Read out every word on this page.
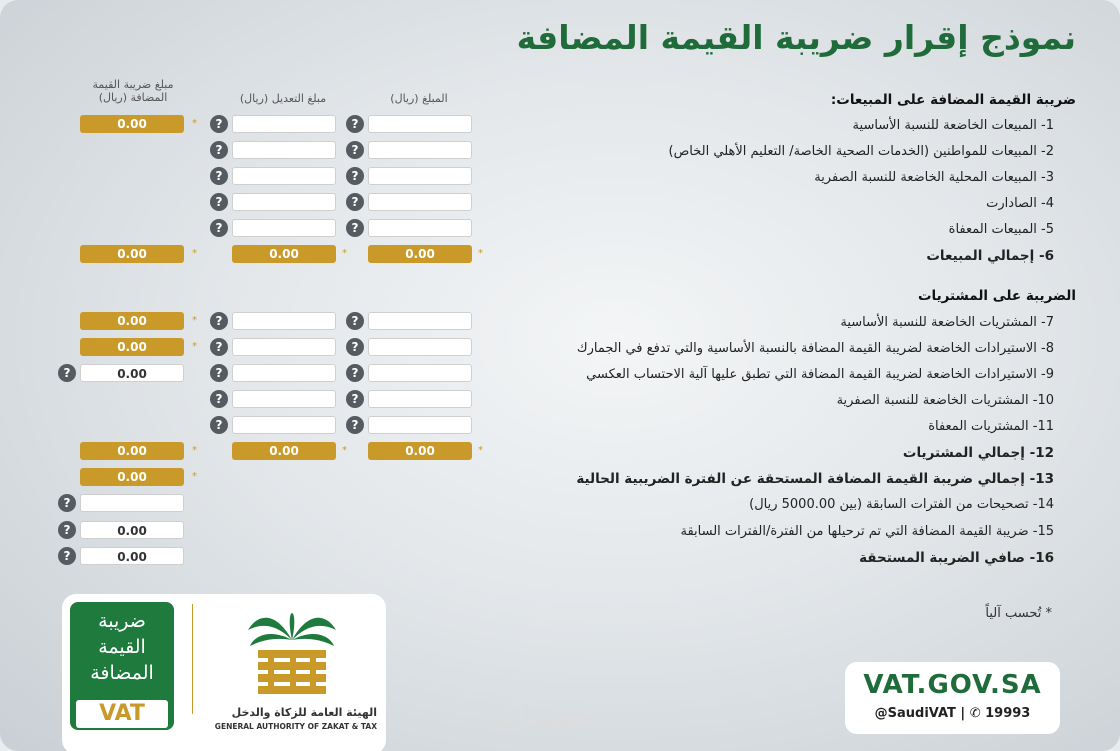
نموذج إقرار ضريبة القيمة المضافة
المبلغ (ريال)
مبلغ التعديل (ريال)
مبلغ ضريبة القيمة
المضافة (ريال)	ضريبة القيمة المضافة على المبيعات:
1- المبيعات الخاضعة للنسبة الأساسية
?
?
*
0.00
2- المبيعات للمواطنين (الخدمات الصحية الخاصة/ التعليم الأهلي الخاص)
?
?
3- المبيعات المحلية الخاضعة للنسبة الصفرية
?
?
4- الصادارت
?
?
5- المبيعات المعفاة
?
?
6- إجمالي المبيعات
*
0.00
*
0.00
*
0.00
الضريبة على المشتريات
7- المشتريات الخاضعة للنسبة الأساسية
?
?
*
0.00
8- الاستيرادات الخاضعة لضريبة القيمة المضافة بالنسبة الأساسية والتي تدفع في الجمارك
?
?
*
0.00
9- الاستيرادات الخاضعة لضريبة القيمة المضافة التي تطبق عليها آلية الاحتساب العكسي
?
?
0.00
?
10- المشتريات الخاضعة للنسبة الصفرية
?
?
11- المشتريات المعفاة
?
?
12- إجمالي المشتريات
*
0.00
*
0.00
*
0.00
13- إجمالي ضريبة القيمة المضافة المستحقة عن الفترة الضريبية الحالية
*
0.00
14- تصحيحات من الفترات السابقة (بين 5000.00 ريال)
?
15- ضريبة القيمة المضافة التي تم ترحيلها من الفترة/الفترات السابقة
0.00
?
16- صافي الضريبة المستحقة
0.00
?
* تُحسب آلياً
ضريبة
القيمة
المضافة
VAT	الهيئة العامة للزكاة والدخل
GENERAL AUTHORITY OF ZAKAT & TAX
VAT.GOV.SA
@SaudiVAT | ✆ 19993
خمسات
